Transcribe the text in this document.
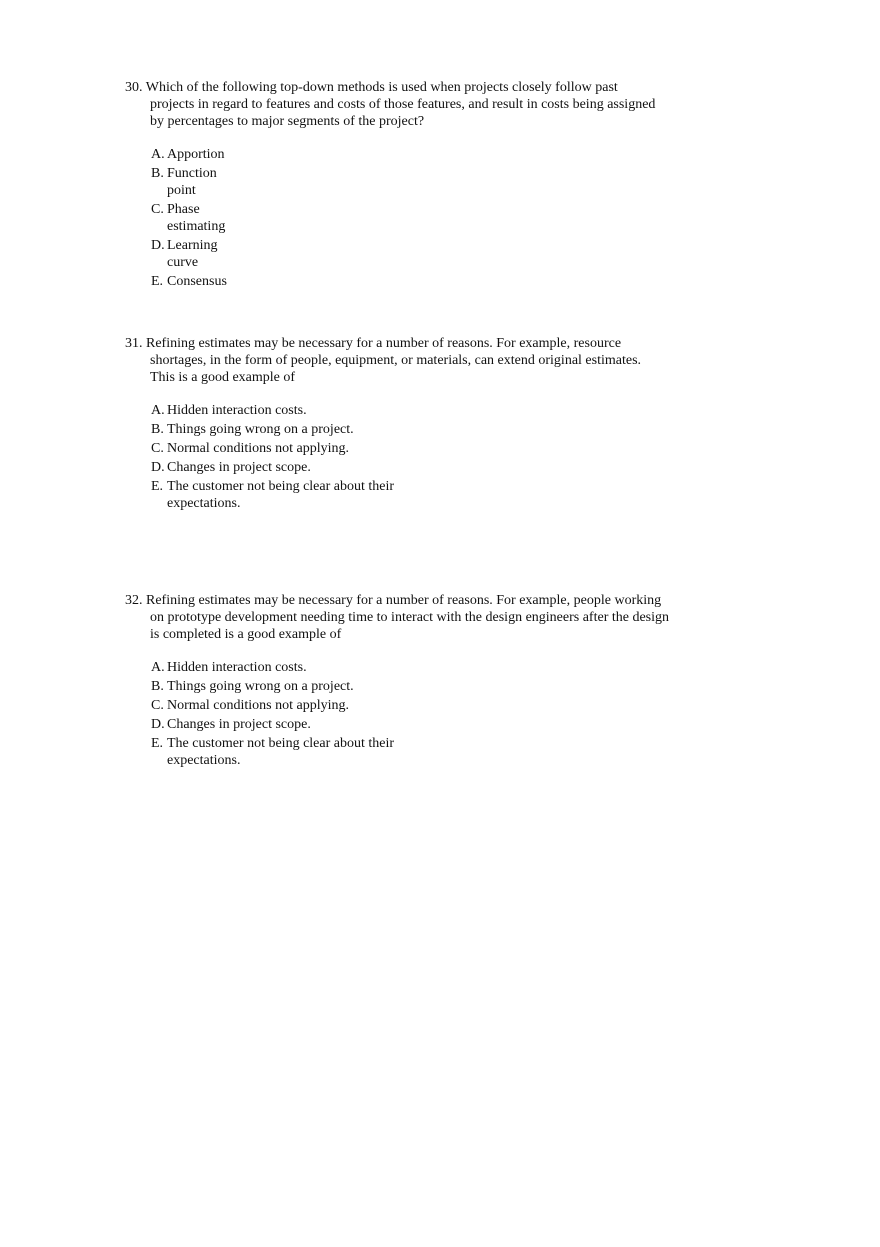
30. Which of the following top-down methods is used when projects closely follow past projects in regard to features and costs of those features, and result in costs being assigned by percentages to major segments of the project?
A. Apportion
B. Function point
C. Phase estimating
D. Learning curve
E. Consensus
31. Refining estimates may be necessary for a number of reasons. For example, resource shortages, in the form of people, equipment, or materials, can extend original estimates. This is a good example of
A. Hidden interaction costs.
B. Things going wrong on a project.
C. Normal conditions not applying.
D. Changes in project scope.
E. The customer not being clear about their expectations.
32. Refining estimates may be necessary for a number of reasons. For example, people working on prototype development needing time to interact with the design engineers after the design is completed is a good example of
A. Hidden interaction costs.
B. Things going wrong on a project.
C. Normal conditions not applying.
D. Changes in project scope.
E. The customer not being clear about their expectations.
